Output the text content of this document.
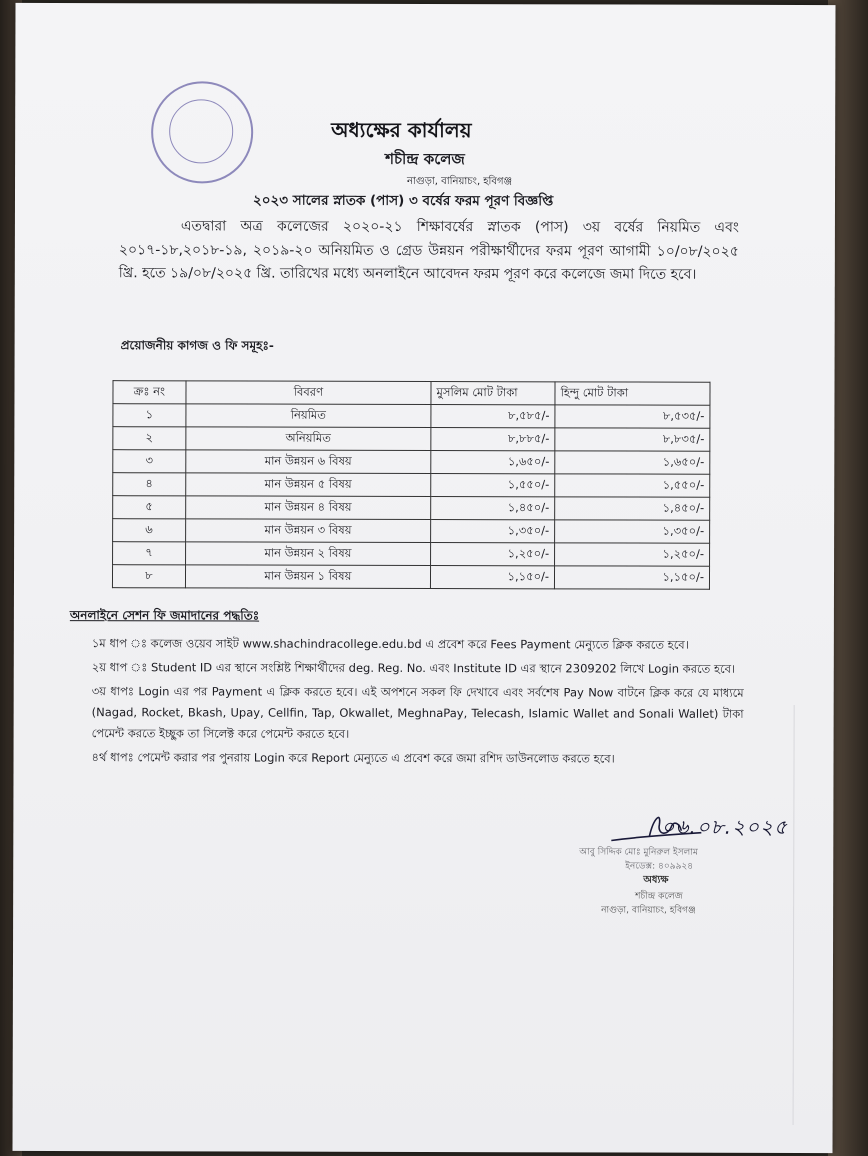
অধ্যক্ষের কার্যালয়
শচীন্দ্র কলেজ
নাগুড়া, বানিয়াচং, হবিগঞ্জ
২০২৩ সালের স্নাতক (পাস) ৩ বর্ষের ফরম পূরণ বিজ্ঞপ্তি
এতদ্বারা অত্র কলেজের ২০২০-২১ শিক্ষাবর্ষের স্নাতক (পাস) ৩য় বর্ষের নিয়মিত এবং ২০১৭-১৮,২০১৮-১৯, ২০১৯-২০ অনিয়মিত ও গ্রেড উন্নয়ন পরীক্ষার্থীদের ফরম পূরণ আগামী ১০/০৮/২০২৫ খ্রি. হতে ১৯/০৮/২০২৫ খ্রি. তারিখের মধ্যে অনলাইনে আবেদন ফরম পূরণ করে কলেজে জমা দিতে হবে।
প্রয়োজনীয় কাগজ ও ফি সমূহঃ-
ক্রঃ নং	বিবরণ	মুসলিম মোট টাকা	হিন্দু মোট টাকা
১	নিয়মিত	৮,৫৮৫/-	৮,৫৩৫/-
২	অনিয়মিত	৮,৮৮৫/-	৮,৮৩৫/-
৩	মান উন্নয়ন ৬ বিষয়	১,৬৫০/-	১,৬৫০/-
৪	মান উন্নয়ন ৫ বিষয়	১,৫৫০/-	১,৫৫০/-
৫	মান উন্নয়ন ৪ বিষয়	১,৪৫০/-	১,৪৫০/-
৬	মান উন্নয়ন ৩ বিষয়	১,৩৫০/-	১,৩৫০/-
৭	মান উন্নয়ন ২ বিষয়	১,২৫০/-	১,২৫০/-
৮	মান উন্নয়ন ১ বিষয়	১,১৫০/-	১,১৫০/-
অনলাইনে সেশন ফি জমাদানের পদ্ধতিঃ

১ম ধাপ ঃ কলেজ ওয়েব সাইট www.shachindracollege.edu.bd এ প্রবেশ করে Fees Payment মেন্যুতে ক্লিক করতে হবে।

২য় ধাপ ঃ Student ID এর স্থানে সংশ্লিষ্ট শিক্ষার্থীদের deg. Reg. No. এবং Institute ID এর স্থানে 2309202 লিখে Login করতে হবে।

৩য় ধাপঃ Login এর পর Payment এ ক্লিক করতে হবে। এই অপশনে সকল ফি দেখাবে এবং সর্বশেষ Pay Now বাটনে ক্লিক করে যে মাধ্যমে (Nagad, Rocket, Bkash, Upay, Cellfin, Tap, Okwallet, MeghnaPay, Telecash, Islamic Wallet and Sonali Wallet) টাকা পেমেন্ট করতে ইচ্ছুক তা সিলেক্ট করে পেমেন্ট করতে হবে।

৪র্থ ধাপঃ পেমেন্ট করার পর পুনরায় Login করে Report মেন্যুতে এ প্রবেশ করে জমা রশিদ ডাউনলোড করতে হবে।

০৬.০৮.২০২৫
আবু সিদ্দিক মোঃ মুনিরুল ইসলাম
ইনডেক্স: ৪০৯৯২৪
অধ্যক্ষ
শচীন্দ্র কলেজ
নাগুড়া, বানিয়াচং, হবিগঞ্জ
